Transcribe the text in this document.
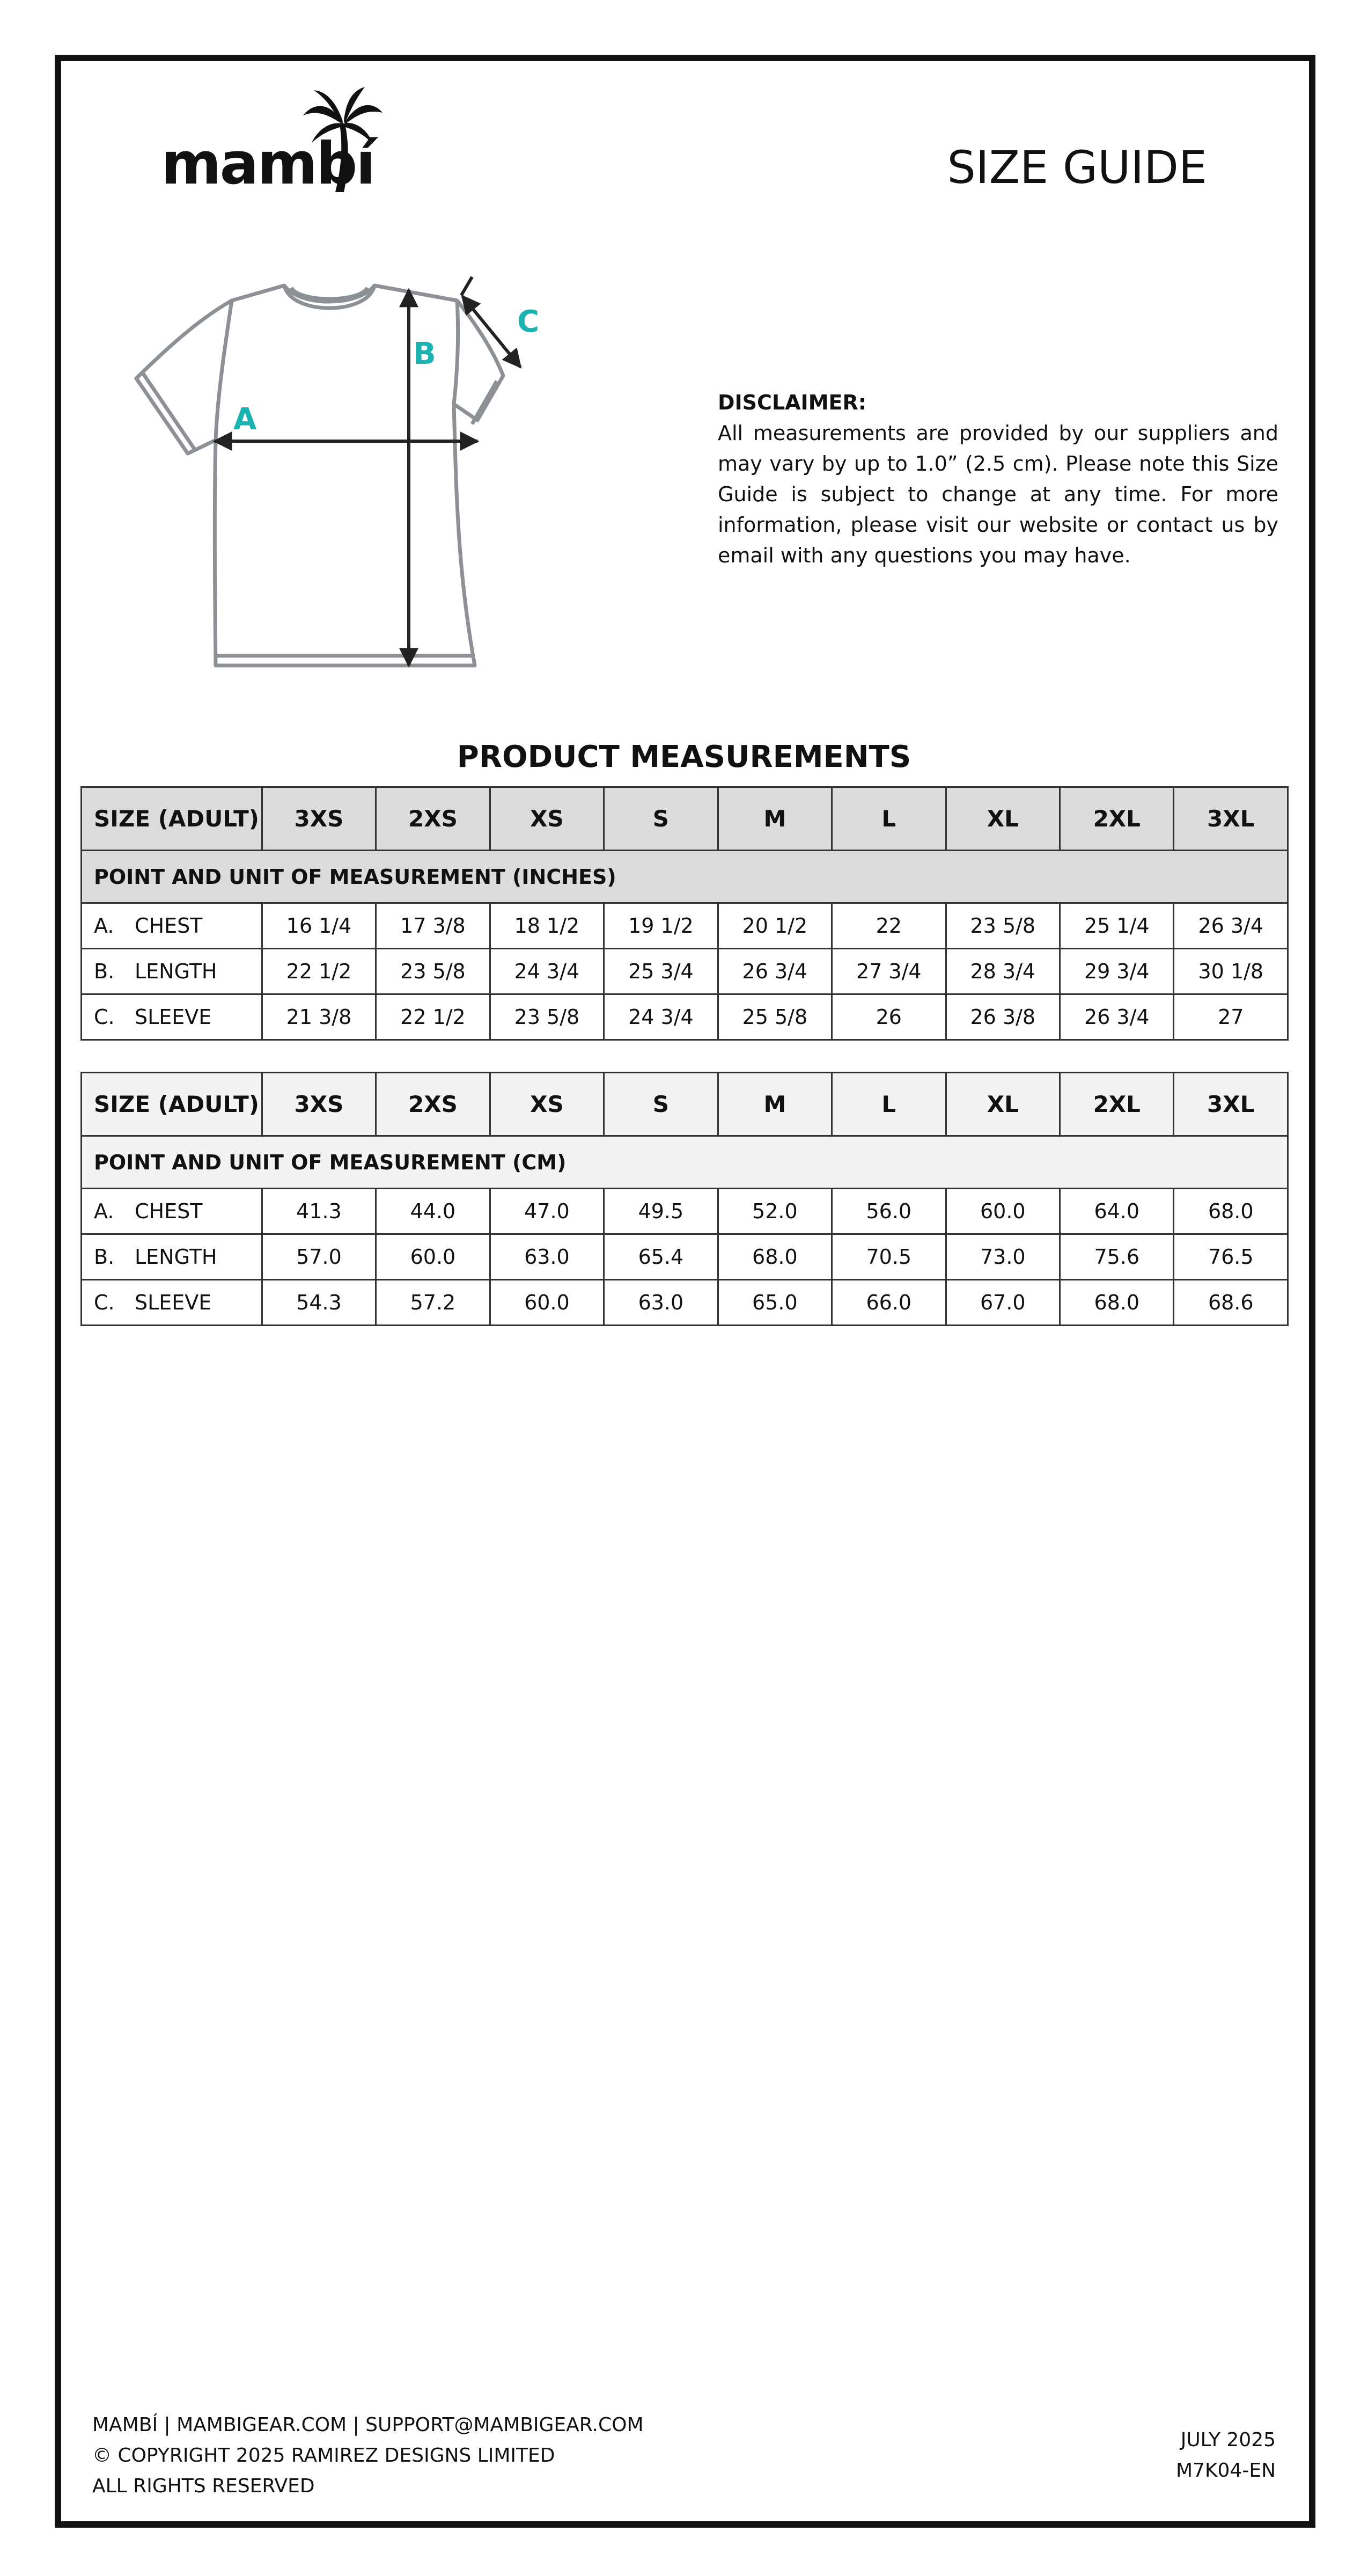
mambí	SIZE GUIDE
A
B
C
DISCLAIMER:
All measurements are provided by our suppliers and may vary by up to 1.0” (2.5 cm). Please note this Size Guide is subject to change at any time. For more information, please visit our website or contact us by email with any questions you may have.
PRODUCT MEASUREMENTS
SIZE (ADULT)	3XS	2XS	XS	S	M	L	XL	2XL	3XL
POINT AND UNIT OF MEASUREMENT (INCHES)									
A. CHEST	16 1/4	17 3/8	18 1/2	19 1/2	20 1/2	22	23 5/8	25 1/4	26 3/4
B. LENGTH	22 1/2	23 5/8	24 3/4	25 3/4	26 3/4	27 3/4	28 3/4	29 3/4	30 1/8
C. SLEEVE	21 3/8	22 1/2	23 5/8	24 3/4	25 5/8	26	26 3/8	26 3/4	27
SIZE (ADULT)	3XS	2XS	XS	S	M	L	XL	2XL	3XL
POINT AND UNIT OF MEASUREMENT (CM)									
A. CHEST	41.3	44.0	47.0	49.5	52.0	56.0	60.0	64.0	68.0
B. LENGTH	57.0	60.0	63.0	65.4	68.0	70.5	73.0	75.6	76.5
C. SLEEVE	54.3	57.2	60.0	63.0	65.0	66.0	67.0	68.0	68.6
MAMBÍ | MAMBIGEAR.COM | SUPPORT@MAMBIGEAR.COM
© COPYRIGHT 2025 RAMIREZ DESIGNS LIMITED
ALL RIGHTS RESERVED
JULY 2025
M7K04-EN
